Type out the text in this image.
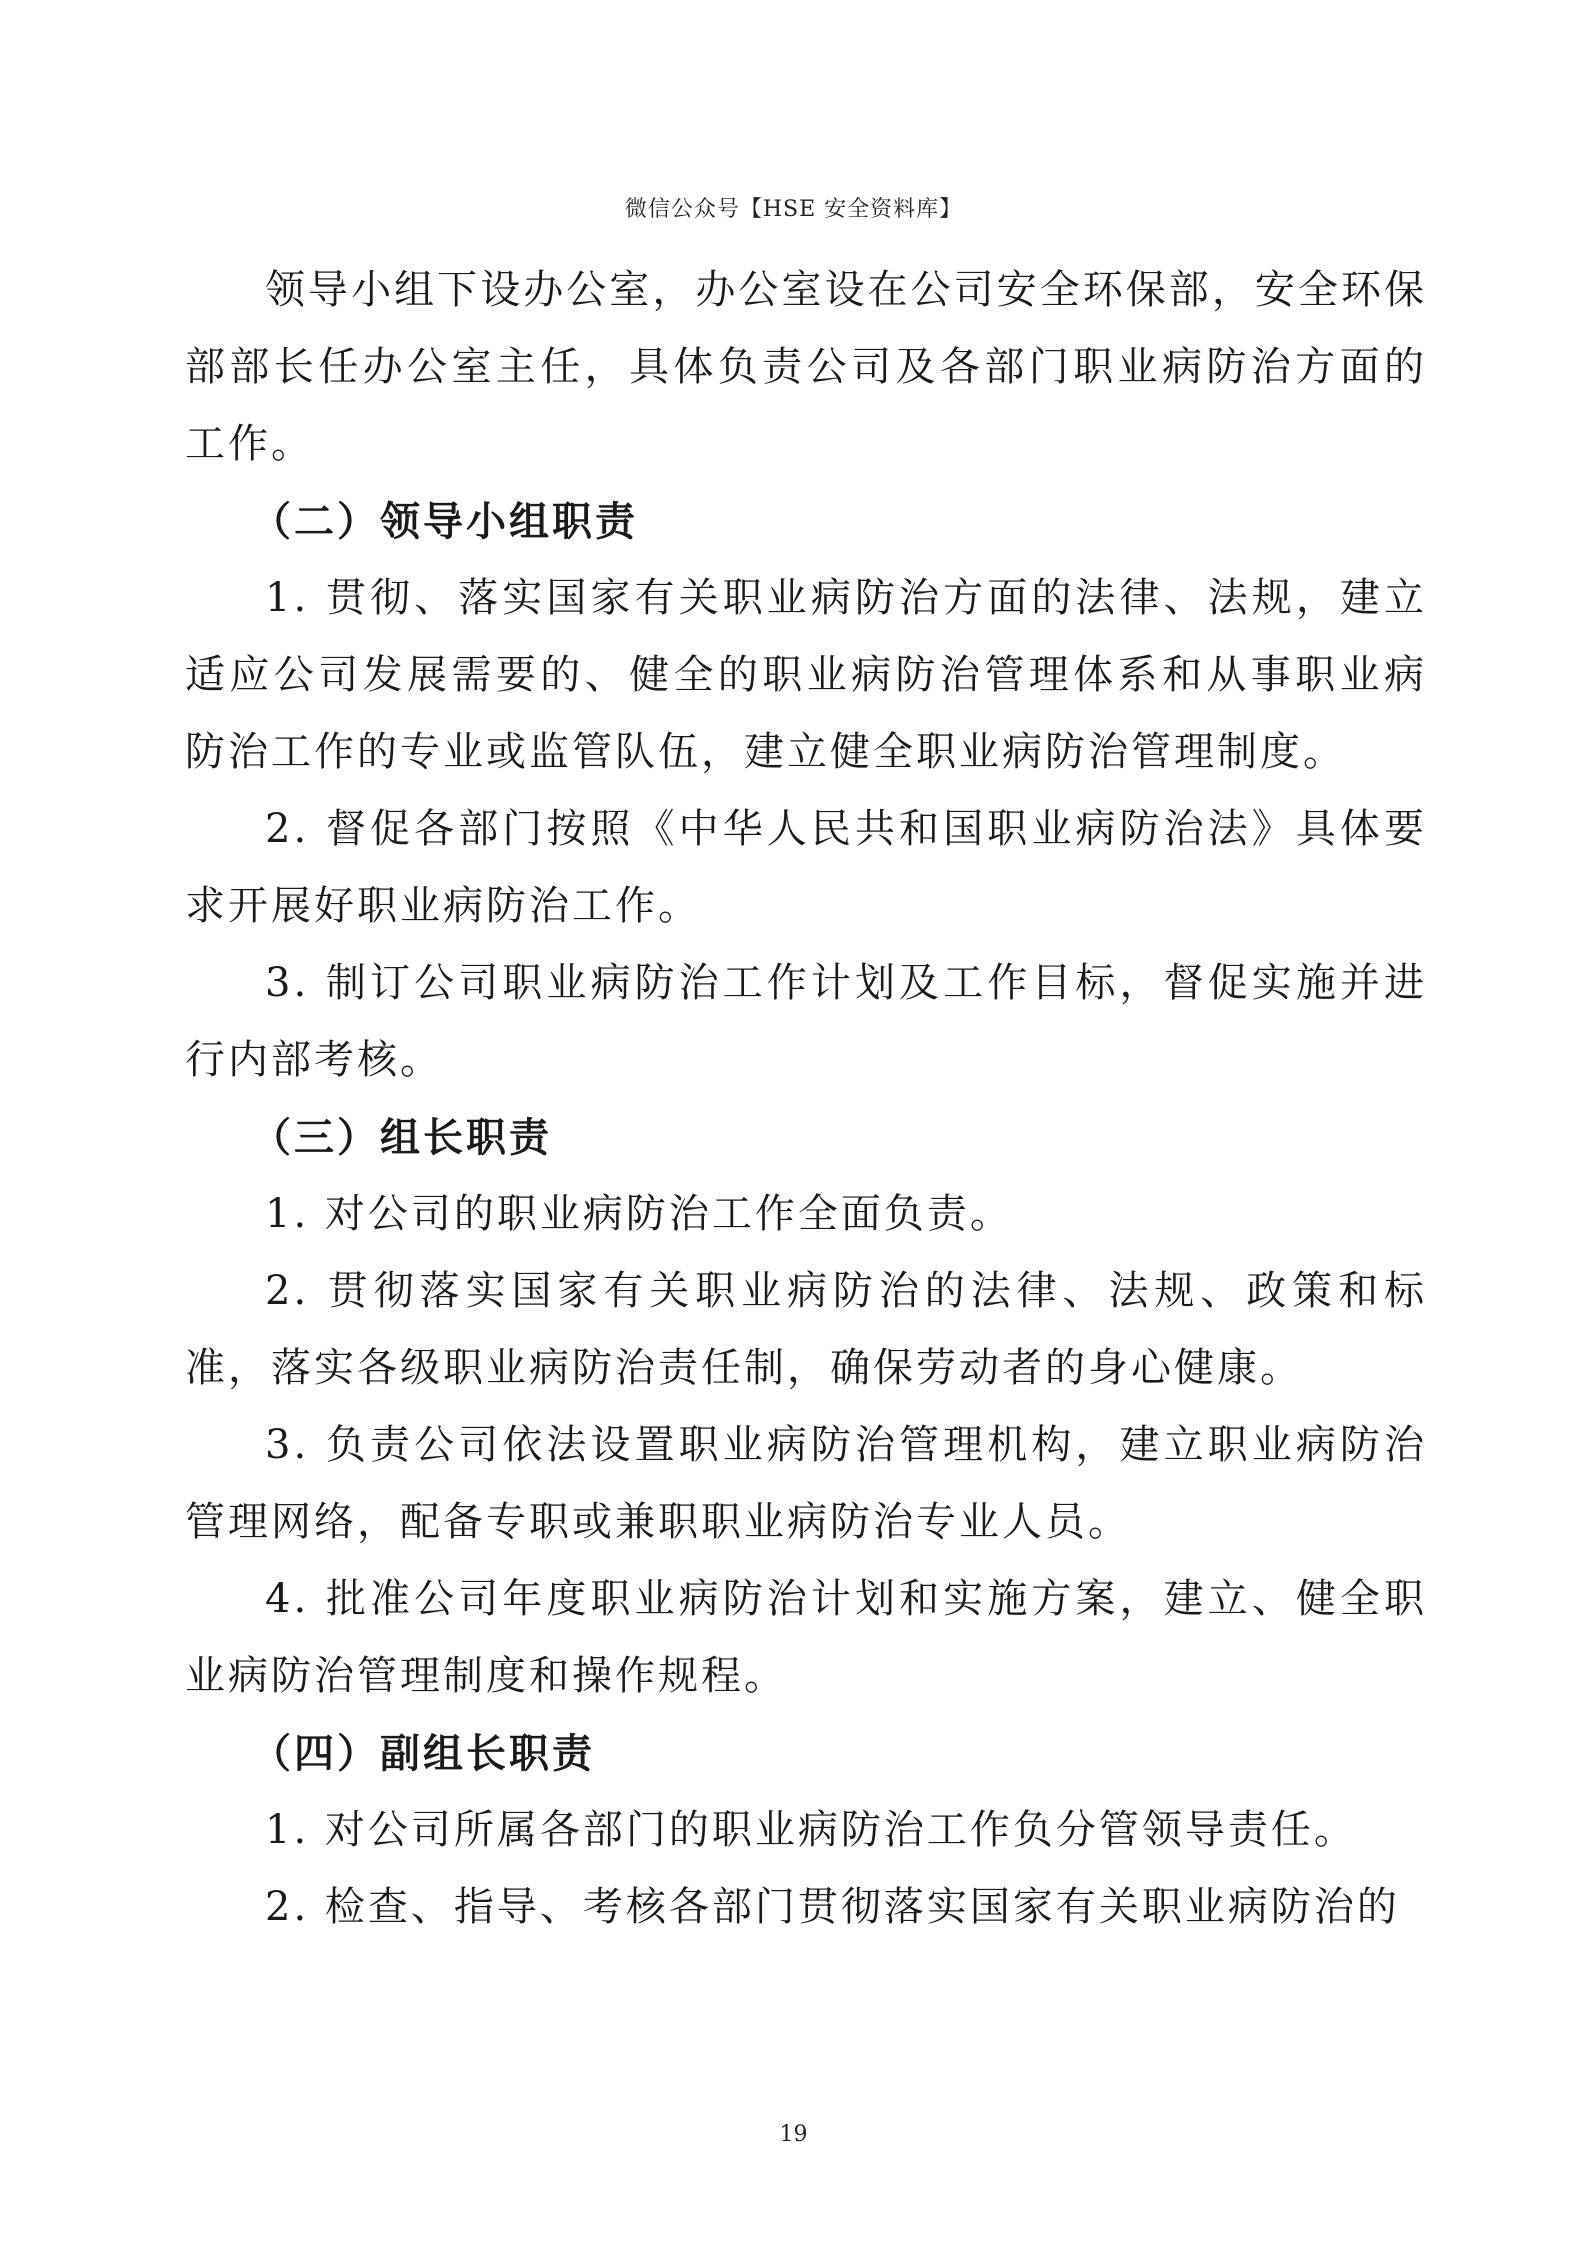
微信公众号【HSE 安全资料库】

领导小组下设办公室，办公室设在公司安全环保部，安全环保部部长任办公室主任，具体负责公司及各部门职业病防治方面的工作。

（二）领导小组职责

1. 贯彻、落实国家有关职业病防治方面的法律、法规，建立适应公司发展需要的、健全的职业病防治管理体系和从事职业病防治工作的专业或监管队伍，建立健全职业病防治管理制度。

2. 督促各部门按照《中华人民共和国职业病防治法》具体要求开展好职业病防治工作。

3. 制订公司职业病防治工作计划及工作目标，督促实施并进行内部考核。

（三）组长职责

1. 对公司的职业病防治工作全面负责。

2. 贯彻落实国家有关职业病防治的法律、法规、政策和标准，落实各级职业病防治责任制，确保劳动者的身心健康。

3. 负责公司依法设置职业病防治管理机构，建立职业病防治管理网络，配备专职或兼职职业病防治专业人员。

4. 批准公司年度职业病防治计划和实施方案，建立、健全职业病防治管理制度和操作规程。

（四）副组长职责

1. 对公司所属各部门的职业病防治工作负分管领导责任。

2. 检查、指导、考核各部门贯彻落实国家有关职业病防治的

19
